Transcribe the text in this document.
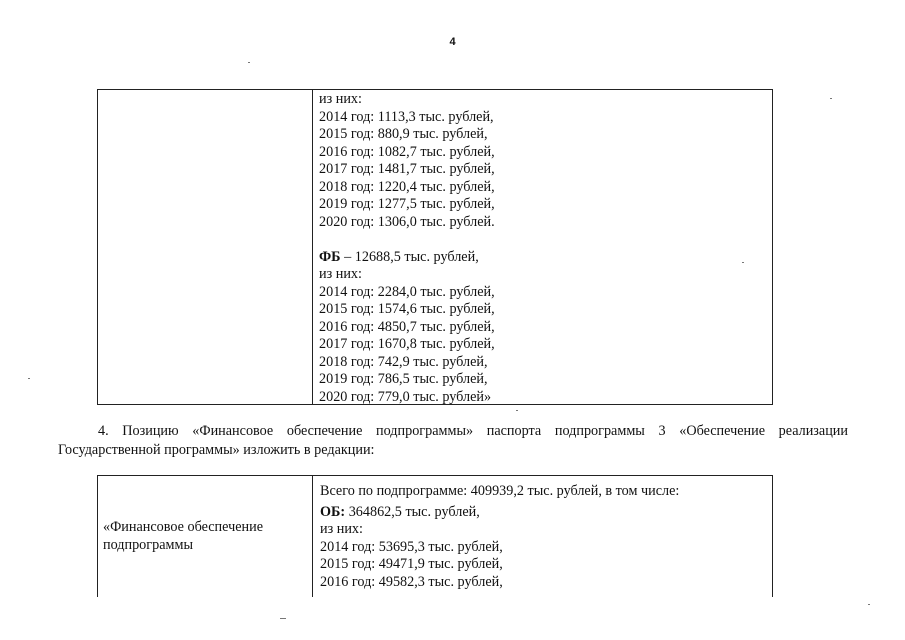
4
из них:
2014 год: 1113,3 тыс. рублей,
2015 год: 880,9 тыс. рублей,
2016 год: 1082,7 тыс. рублей,
2017 год: 1481,7 тыс. рублей,
2018 год: 1220,4 тыс. рублей,
2019 год: 1277,5 тыс. рублей,
2020 год: 1306,0 тыс. рублей.
ФБ – 12688,5 тыс. рублей,
из них:
2014 год: 2284,0 тыс. рублей,
2015 год: 1574,6 тыс. рублей,
2016 год: 4850,7 тыс. рублей,
2017 год: 1670,8 тыс. рублей,
2018 год: 742,9 тыс. рублей,
2019 год: 786,5 тыс. рублей,
2020 год: 779,0 тыс. рублей»
4. Позицию «Финансовое обеспечение подпрограммы» паспорта подпрограммы 3 «Обеспечение реализации Государственной программы» изложить в редакции:
«Финансовое обеспечение
подпрограммы
Всего по подпрограмме: 409939,2 тыс. рублей, в том числе:
ОБ: 364862,5 тыс. рублей,
из них:
2014 год: 53695,3 тыс. рублей,
2015 год: 49471,9 тыс. рублей,
2016 год: 49582,3 тыс. рублей,
